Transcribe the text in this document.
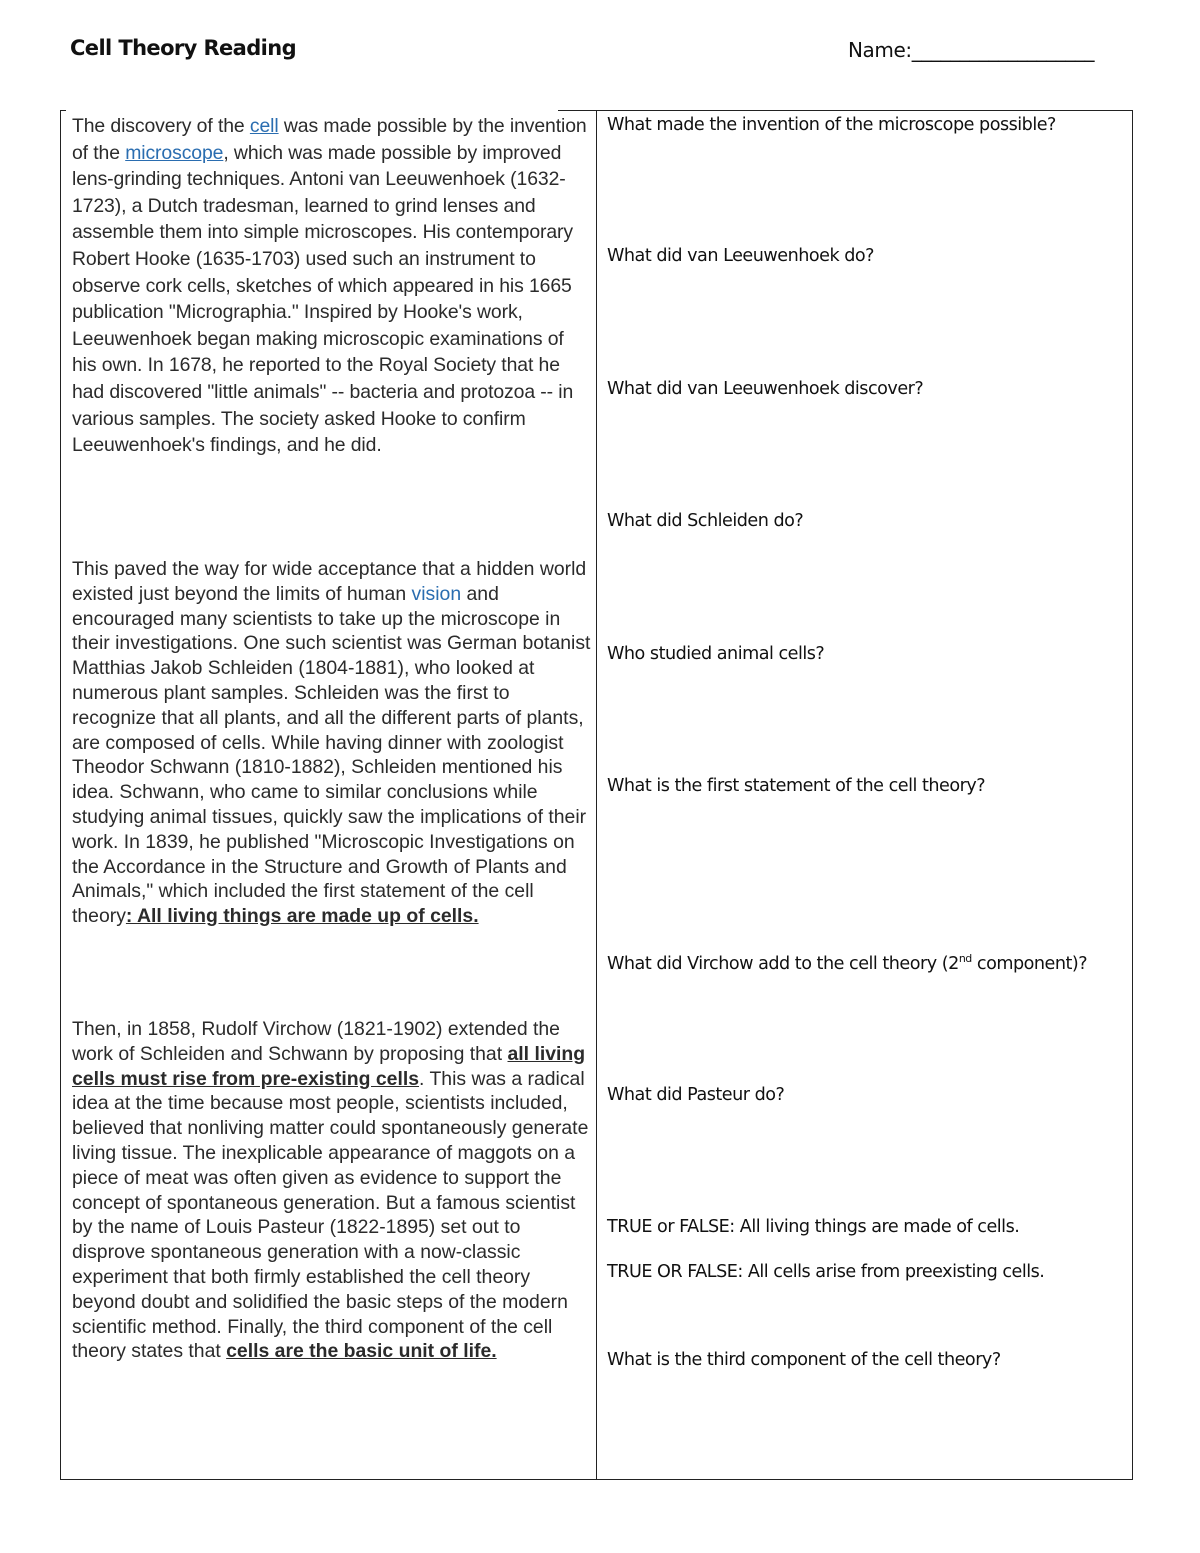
Cell Theory Reading	Name:___________________

The discovery of the cell was made possible by the invention of the microscope, which was made possible by improved lens-grinding techniques. Antoni van Leeuwenhoek (1632-1723), a Dutch tradesman, learned to grind lenses and assemble them into simple microscopes. His contemporary Robert Hooke (1635-1703) used such an instrument to observe cork cells, sketches of which appeared in his 1665 publication "Micrographia." Inspired by Hooke's work, Leeuwenhoek began making microscopic examinations of his own. In 1678, he reported to the Royal Society that he had discovered "little animals" -- bacteria and protozoa -- in various samples. The society asked Hooke to confirm Leeuwenhoek's findings, and he did.

This paved the way for wide acceptance that a hidden world existed just beyond the limits of human vision and encouraged many scientists to take up the microscope in their investigations. One such scientist was German botanist Matthias Jakob Schleiden (1804-1881), who looked at numerous plant samples. Schleiden was the first to recognize that all plants, and all the different parts of plants, are composed of cells. While having dinner with zoologist Theodor Schwann (1810-1882), Schleiden mentioned his idea. Schwann, who came to similar conclusions while studying animal tissues, quickly saw the implications of their work. In 1839, he published "Microscopic Investigations on the Accordance in the Structure and Growth of Plants and Animals," which included the first statement of the cell theory: All living things are made up of cells.
Then, in 1858, Rudolf Virchow (1821-1902) extended the work of Schleiden and Schwann by proposing that all living cells must rise from pre-existing cells. This was a radical idea at the time because most people, scientists included, believed that nonliving matter could spontaneously generate living tissue. The inexplicable appearance of maggots on a piece of meat was often given as evidence to support the concept of spontaneous generation. But a famous scientist by the name of Louis Pasteur (1822-1895) set out to disprove spontaneous generation with a now-classic experiment that both firmly established the cell theory beyond doubt and solidified the basic steps of the modern scientific method. Finally, the third component of the cell theory states that cells are the basic unit of life.
What made the invention of the microscope possible?
What did van Leeuwenhoek do?
What did van Leeuwenhoek discover?
What did Schleiden do?
Who studied animal cells?
What is the first statement of the cell theory?
What did Virchow add to the cell theory (2nd component)?
What did Pasteur do?
TRUE or FALSE: All living things are made of cells.
TRUE OR FALSE: All cells arise from preexisting cells.
What is the third component of the cell theory?
